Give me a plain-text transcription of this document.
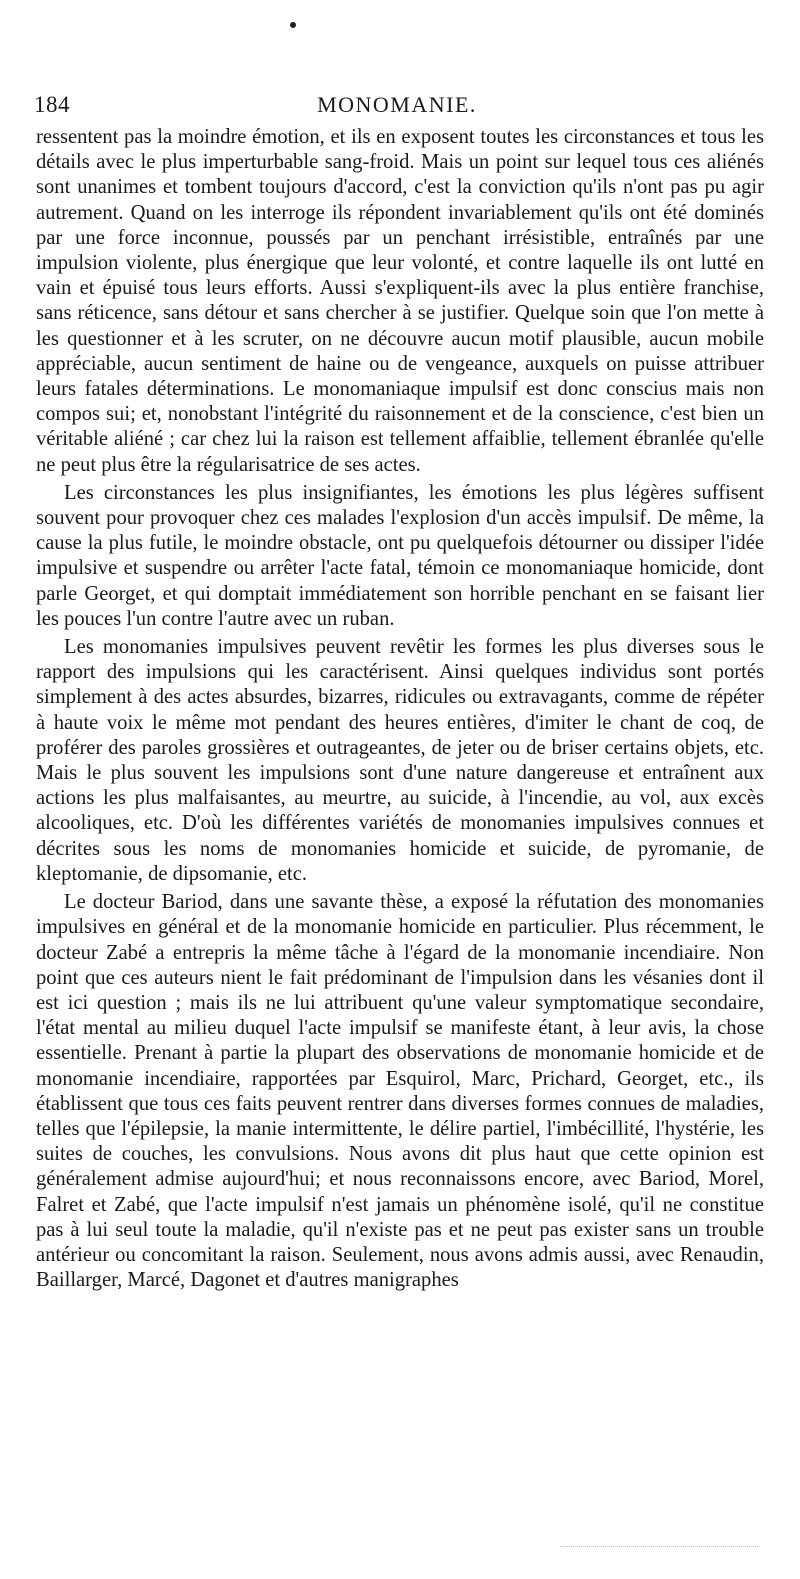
184	MONOMANIE.

ressentent pas la moindre émotion, et ils en exposent toutes les circonstances et tous les détails avec le plus imperturbable sang-froid. Mais un point sur lequel tous ces aliénés sont unanimes et tombent toujours d'accord, c'est la conviction qu'ils n'ont pas pu agir autrement. Quand on les interroge ils répondent invariablement qu'ils ont été dominés par une force inconnue, poussés par un penchant irrésistible, entraînés par une impulsion violente, plus énergique que leur volonté, et contre laquelle ils ont lutté en vain et épuisé tous leurs efforts. Aussi s'expliquent-ils avec la plus entière franchise, sans réticence, sans détour et sans chercher à se justifier. Quelque soin que l'on mette à les questionner et à les scruter, on ne découvre aucun motif plausible, aucun mobile appréciable, aucun sentiment de haine ou de vengeance, auxquels on puisse attribuer leurs fatales déterminations. Le monomaniaque impulsif est donc conscius mais non compos sui; et, nonobstant l'intégrité du raisonnement et de la conscience, c'est bien un véritable aliéné ; car chez lui la raison est tellement affaiblie, tellement ébranlée qu'elle ne peut plus être la régularisatrice de ses actes.

Les circonstances les plus insignifiantes, les émotions les plus légères suffisent souvent pour provoquer chez ces malades l'explosion d'un accès impulsif. De même, la cause la plus futile, le moindre obstacle, ont pu quelquefois détourner ou dissiper l'idée impulsive et suspendre ou arrêter l'acte fatal, témoin ce monomaniaque homicide, dont parle Georget, et qui domptait immédiatement son horrible penchant en se faisant lier les pouces l'un contre l'autre avec un ruban.

Les monomanies impulsives peuvent revêtir les formes les plus diverses sous le rapport des impulsions qui les caractérisent. Ainsi quelques individus sont portés simplement à des actes absurdes, bizarres, ridicules ou extravagants, comme de répéter à haute voix le même mot pendant des heures entières, d'imiter le chant de coq, de proférer des paroles grossières et outrageantes, de jeter ou de briser certains objets, etc. Mais le plus souvent les impulsions sont d'une nature dangereuse et entraînent aux actions les plus malfaisantes, au meurtre, au suicide, à l'incendie, au vol, aux excès alcooliques, etc. D'où les différentes variétés de monomanies impulsives connues et décrites sous les noms de monomanies homicide et suicide, de pyromanie, de kleptomanie, de dipsomanie, etc.

Le docteur Bariod, dans une savante thèse, a exposé la réfutation des monomanies impulsives en général et de la monomanie homicide en particulier. Plus récemment, le docteur Zabé a entrepris la même tâche à l'égard de la monomanie incendiaire. Non point que ces auteurs nient le fait prédominant de l'impulsion dans les vésanies dont il est ici question ; mais ils ne lui attribuent qu'une valeur symptomatique secondaire, l'état mental au milieu duquel l'acte impulsif se manifeste étant, à leur avis, la chose essentielle. Prenant à partie la plupart des observations de monomanie homicide et de monomanie incendiaire, rapportées par Esquirol, Marc, Prichard, Georget, etc., ils établissent que tous ces faits peuvent rentrer dans diverses formes connues de maladies, telles que l'épilepsie, la manie intermittente, le délire partiel, l'imbécillité, l'hystérie, les suites de couches, les convulsions. Nous avons dit plus haut que cette opinion est généralement admise aujourd'hui; et nous reconnaissons encore, avec Bariod, Morel, Falret et Zabé, que l'acte impulsif n'est jamais un phénomène isolé, qu'il ne constitue pas à lui seul toute la maladie, qu'il n'existe pas et ne peut pas exister sans un trouble antérieur ou concomitant la raison. Seulement, nous avons admis aussi, avec Renaudin, Baillarger, Marcé, Dagonet et d'autres manigraphes
